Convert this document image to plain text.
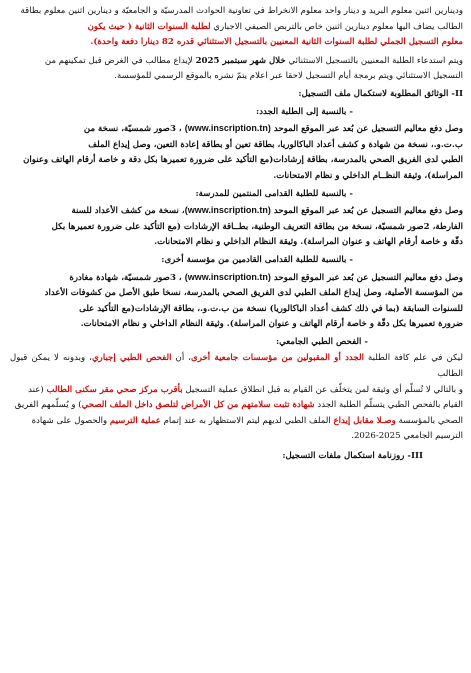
ودينارين اثنين معلوم البريد و دينار واحد معلوم الانخراط في تعاونية الحوادث المدرسيّة و الجامعيّة و دينارين اثنين معلوم بطاقة
الطالب يضاف اليها معلوم دينارين اثنين خاص بالتربص الصيفي الاجباري لطلبة السنوات الثانية ( حيث يكون
معلوم التسجيل الجملي لطلبة السنوات الثانية المعنيين بالتسجيل الاستثنائي قدره 82 دينارا دفعة واحدة).
ويتم استدعاء الطلبة المعنيين بالتسجيل الاستثنائي خلال شهر سبتمبر 2025 لإيداع مطالب في الغرض قبل تمكينهم من
التسجيل الاستثنائي ويتم برمجة أيام التسجيل لاحقا عبر اعلام يتمّ نشره بالموقع الرسمي للمؤسسة.
II- الوثائق المطلوبة لاستكمال ملف التسجيل:
- بالنسبة إلى الطلبة الجدد:
وصل دفع معاليم التسجيل عن بُعد عبر الموقع الموحد (www.inscription.tn) ، 3صور شمسيّة، نسخة من
ب.ت.و.، نسخة من شهادة و كشف أعداد الباكالوريا، بطاقة تعين أو بطاقة إعادة التعين، وصل إيداع الملف
الطبي لدى الفريق الصحي بالمدرسة، بطاقة إرشادات(مع التأكيد على ضرورة تعميرها بكل دقة و خاصة أرقام الهاتف وعنوان
المراسلة)، وثيقة النظــام الداخلي و نظام الامتحانات.
- بالنسبة للطلبة القدامى المنتمين للمدرسة:
وصل دفع معاليم التسجيل عن بُعد عبر الموقع الموحد (www.inscription.tn)، نسخة من كشف الأعداد للسنة
الفارطة، 2صور شمسيّة، نسخة من بطاقة التعريف الوطنية، بطــاقة الإرشادات (مع التأكيد على ضرورة تعميرها بكل
دقّة و خاصة أرقام الهاتف و عنوان المراسلة). وثيقة النظام الداخلي و نظام الامتحانات.
- بالنسبة للطلبة القدامى القادمين من مؤسسة أخرى:
وصل دفع معاليم التسجيل عن بُعد عبر الموقع الموحد (www.inscription.tn) ، 3صور شمسيّة، شهادة مغادرة
من المؤسسة الأصلية، وصل إيداع الملف الطبي لدى الفريق الصحي بالمدرسة، نسخا طبق الأصل من كشوفات الأعداد
للسنوات السابقة (بما في ذلك كشف أعداد الباكالوريا) نسخة من ب.ت.و.، بطاقة الإرشادات(مع التأكيد على
ضرورة تعميرها بكل دقّة و خاصة أرقام الهاتف و عنوان المراسلة). وثيقة النظام الداخلي و نظام الامتحانات.
- الفحص الطبي الجامعي:
ليكن في علم كافة الطلبة الجدد أو المقبولين من مؤسسات جامعية أخرى، أن الفحص الطبي إجباري، وبدونه لا يمكن قبول الطالب
و بالتالي لا تُسلّم أي وثيقة لمن يتخلّف عن القيام به قبل انطلاق عملية التسجيل بأقرب مركز صحي مقر سكنى الطالب (عند
القيام بالفحص الطبي يتسلّم الطلبة الجدد شهادة تثبت سلامتهم من كل الأمراض لتلصق داخل الملف الصحي) و يُسلّمهم الفريق
الصحي بالمؤسسة وصـلا مقابل إيداع الملف الطبي لديهم ليتم الاستظهار به عند إتمام عملية الترسيم والحصول على شهادة
الترسيم الجامعي 2025-2026.
III- روزنامة استكمال ملفات التسجيل:
